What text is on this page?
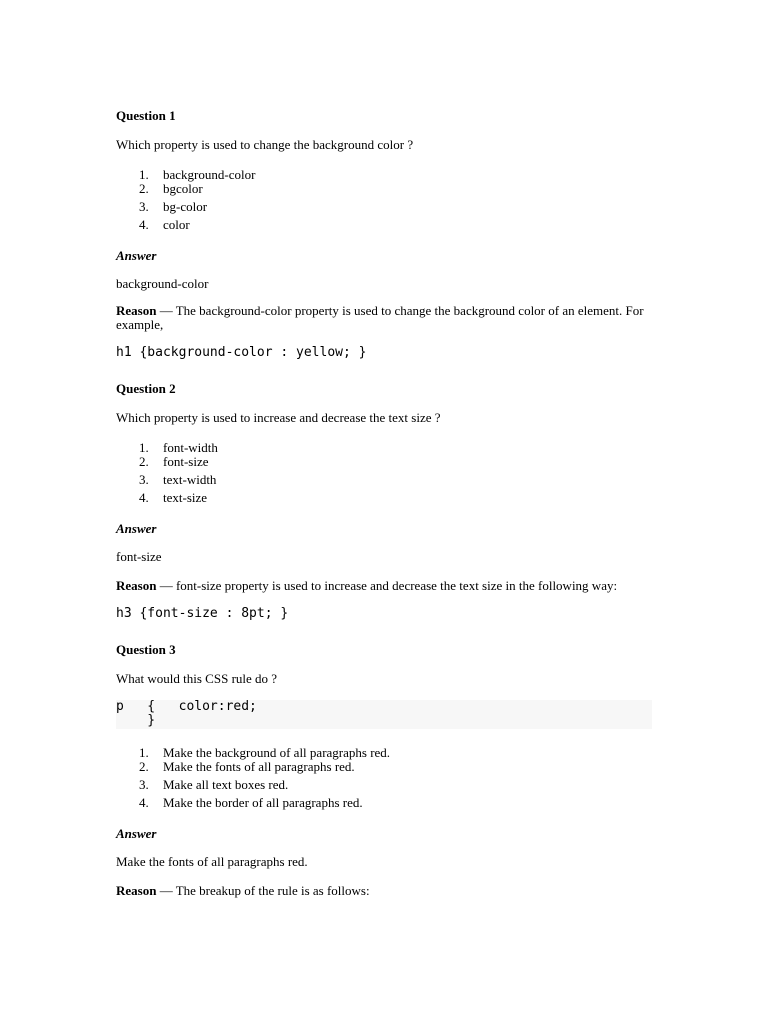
Question 1

Which property is used to change the background color ?

1.	background-color
2.	bgcolor
3.	bg-color
4.	color

Answer

background-color

Reason — The background-color property is used to change the background color of an element. For example,

h1 {background-color : yellow; }

Question 2

Which property is used to increase and decrease the text size ?

1.	font-width
2.	font-size
3.	text-width
4.	text-size

Answer

font-size

Reason — font-size property is used to increase and decrease the text size in the following way:

h3 {font-size : 8pt; }

Question 3

What would this CSS rule do ?

p   {   color:red;
}
1.	Make the background of all paragraphs red.
2.	Make the fonts of all paragraphs red.
3.	Make all text boxes red.
4.	Make the border of all paragraphs red.

Answer

Make the fonts of all paragraphs red.

Reason — The breakup of the rule is as follows:
